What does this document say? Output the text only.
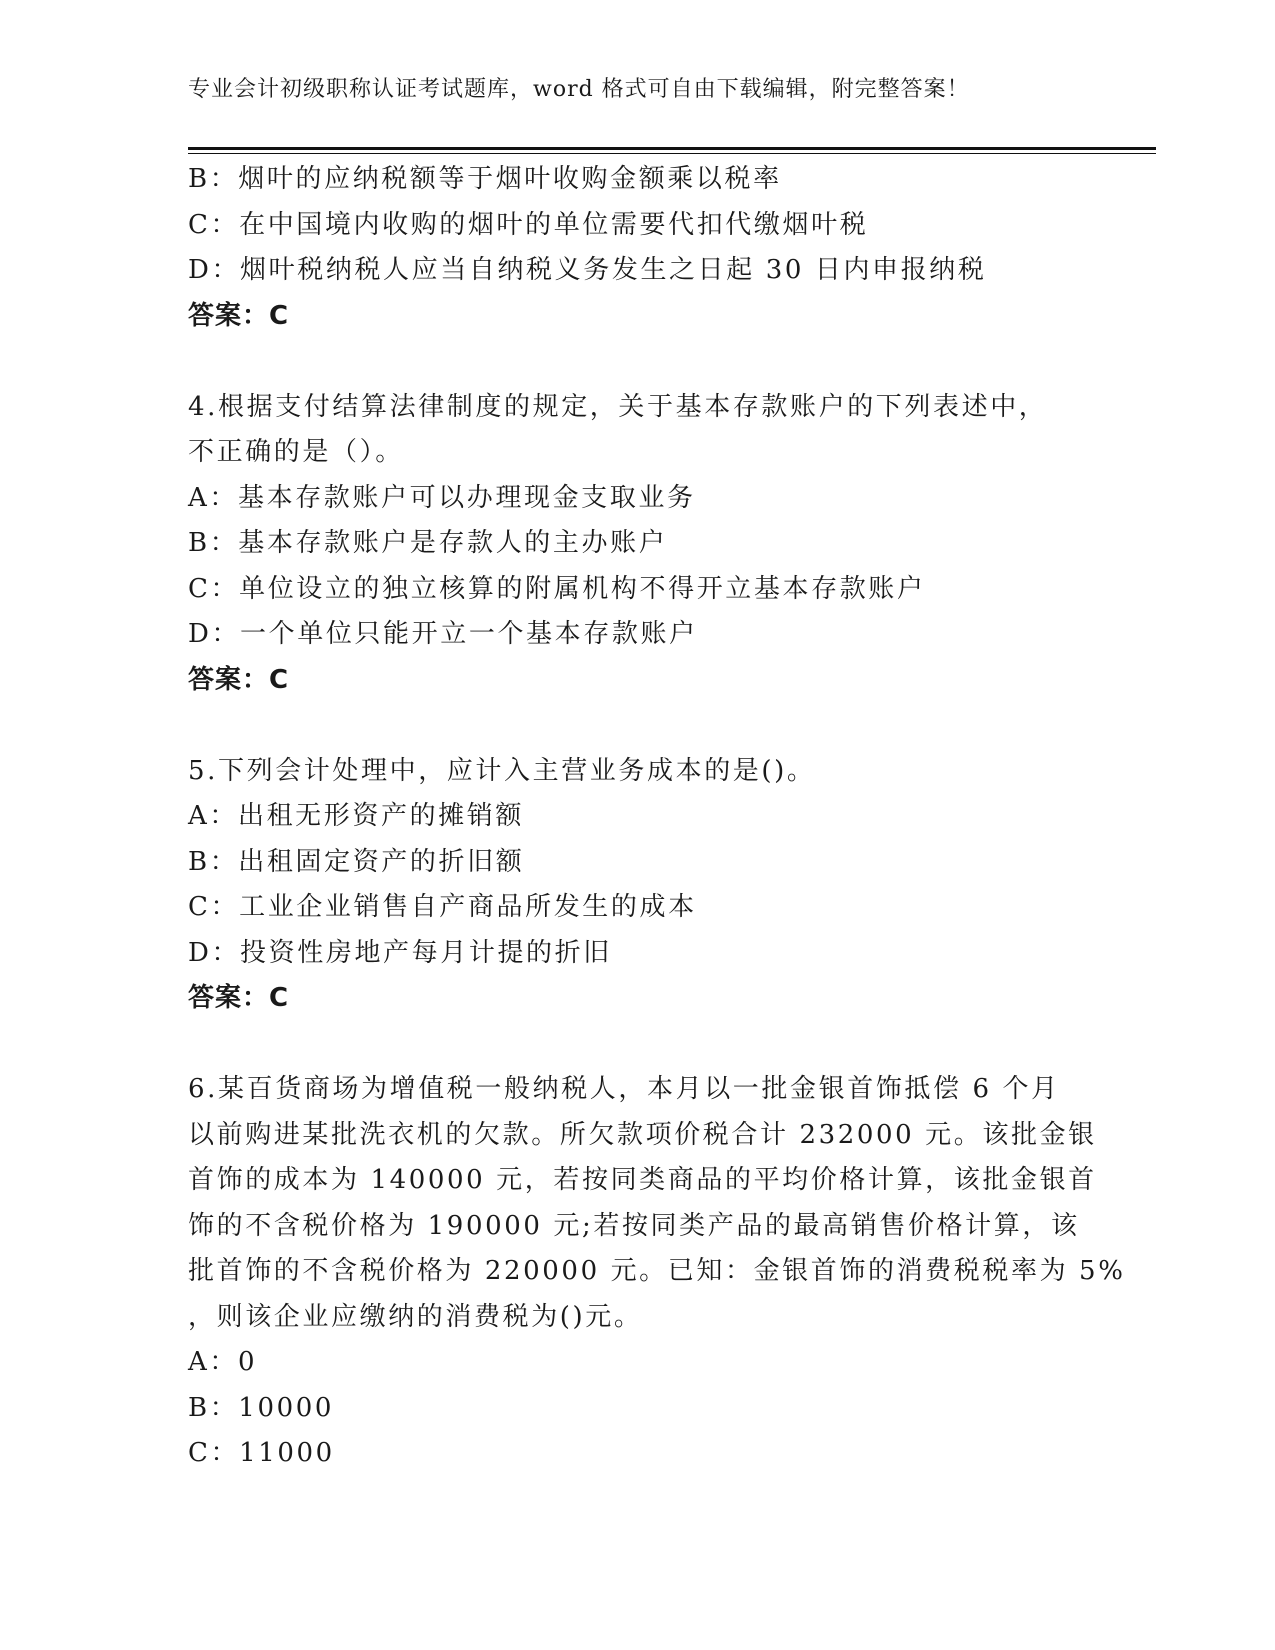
专业会计初级职称认证考试题库，word 格式可自由下载编辑，附完整答案！
B：烟叶的应纳税额等于烟叶收购金额乘以税率
C：在中国境内收购的烟叶的单位需要代扣代缴烟叶税
D：烟叶税纳税人应当自纳税义务发生之日起 30 日内申报纳税
答案：C
4.根据支付结算法律制度的规定，关于基本存款账户的下列表述中，
不正确的是（）。
A：基本存款账户可以办理现金支取业务
B：基本存款账户是存款人的主办账户
C：单位设立的独立核算的附属机构不得开立基本存款账户
D：一个单位只能开立一个基本存款账户
答案：C
5.下列会计处理中，应计入主营业务成本的是()。
A：出租无形资产的摊销额
B：出租固定资产的折旧额
C：工业企业销售自产商品所发生的成本
D：投资性房地产每月计提的折旧
答案：C
6.某百货商场为增值税一般纳税人，本月以一批金银首饰抵偿 6 个月
以前购进某批洗衣机的欠款。所欠款项价税合计 232000 元。该批金银
首饰的成本为 140000 元，若按同类商品的平均价格计算，该批金银首
饰的不含税价格为 190000 元;若按同类产品的最高销售价格计算，该
批首饰的不含税价格为 220000 元。已知：金银首饰的消费税税率为 5%
，则该企业应缴纳的消费税为()元。
A：0
B：10000
C：11000
